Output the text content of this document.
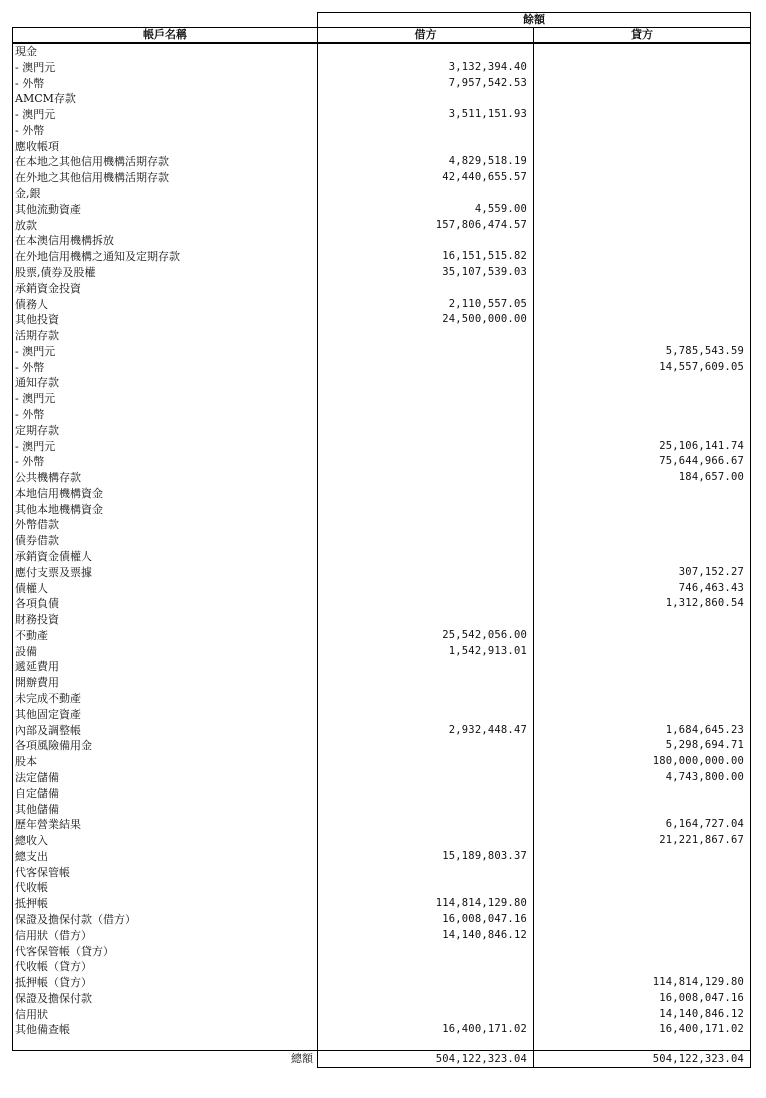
	餘額	
帳戶名稱	借方	貸方
現金		
- 澳門元	3,132,394.40	
- 外幣	7,957,542.53	
AMCM存款		
- 澳門元	3,511,151.93	
- 外幣		
應收帳項		
在本地之其他信用機構活期存款	4,829,518.19	
在外地之其他信用機構活期存款	42,440,655.57	
金,銀		
其他流動資產	4,559.00	
放款	157,806,474.57	
在本澳信用機構拆放		
在外地信用機構之通知及定期存款	16,151,515.82	
股票,債券及股權	35,107,539.03	
承銷資金投資		
債務人	2,110,557.05	
其他投資	24,500,000.00	
活期存款		
- 澳門元		5,785,543.59
- 外幣		14,557,609.05
通知存款		
- 澳門元		
- 外幣		
定期存款		
- 澳門元		25,106,141.74
- 外幣		75,644,966.67
公共機構存款		184,657.00
本地信用機構資金		
其他本地機構資金		
外幣借款		
債券借款		
承銷資金債權人		
應付支票及票據		307,152.27
債權人		746,463.43
各項負債		1,312,860.54
財務投資		
不動產	25,542,056.00	
設備	1,542,913.01	
遞延費用		
開辦費用		
未完成不動產		
其他固定資產		
內部及調整帳	2,932,448.47	1,684,645.23
各項風險備用金		5,298,694.71
股本		180,000,000.00
法定儲備		4,743,800.00
自定儲備		
其他儲備		
歷年營業結果		6,164,727.04
總收入		21,221,867.67
總支出	15,189,803.37	
代客保管帳		
代收帳		
抵押帳	114,814,129.80	
保證及擔保付款（借方）	16,008,047.16	
信用狀（借方）	14,140,846.12	
代客保管帳（貸方）		
代收帳（貸方）		
抵押帳（貸方）		114,814,129.80
保證及擔保付款		16,008,047.16
信用狀		14,140,846.12
其他備查帳	16,400,171.02	16,400,171.02

總額	504,122,323.04	504,122,323.04
